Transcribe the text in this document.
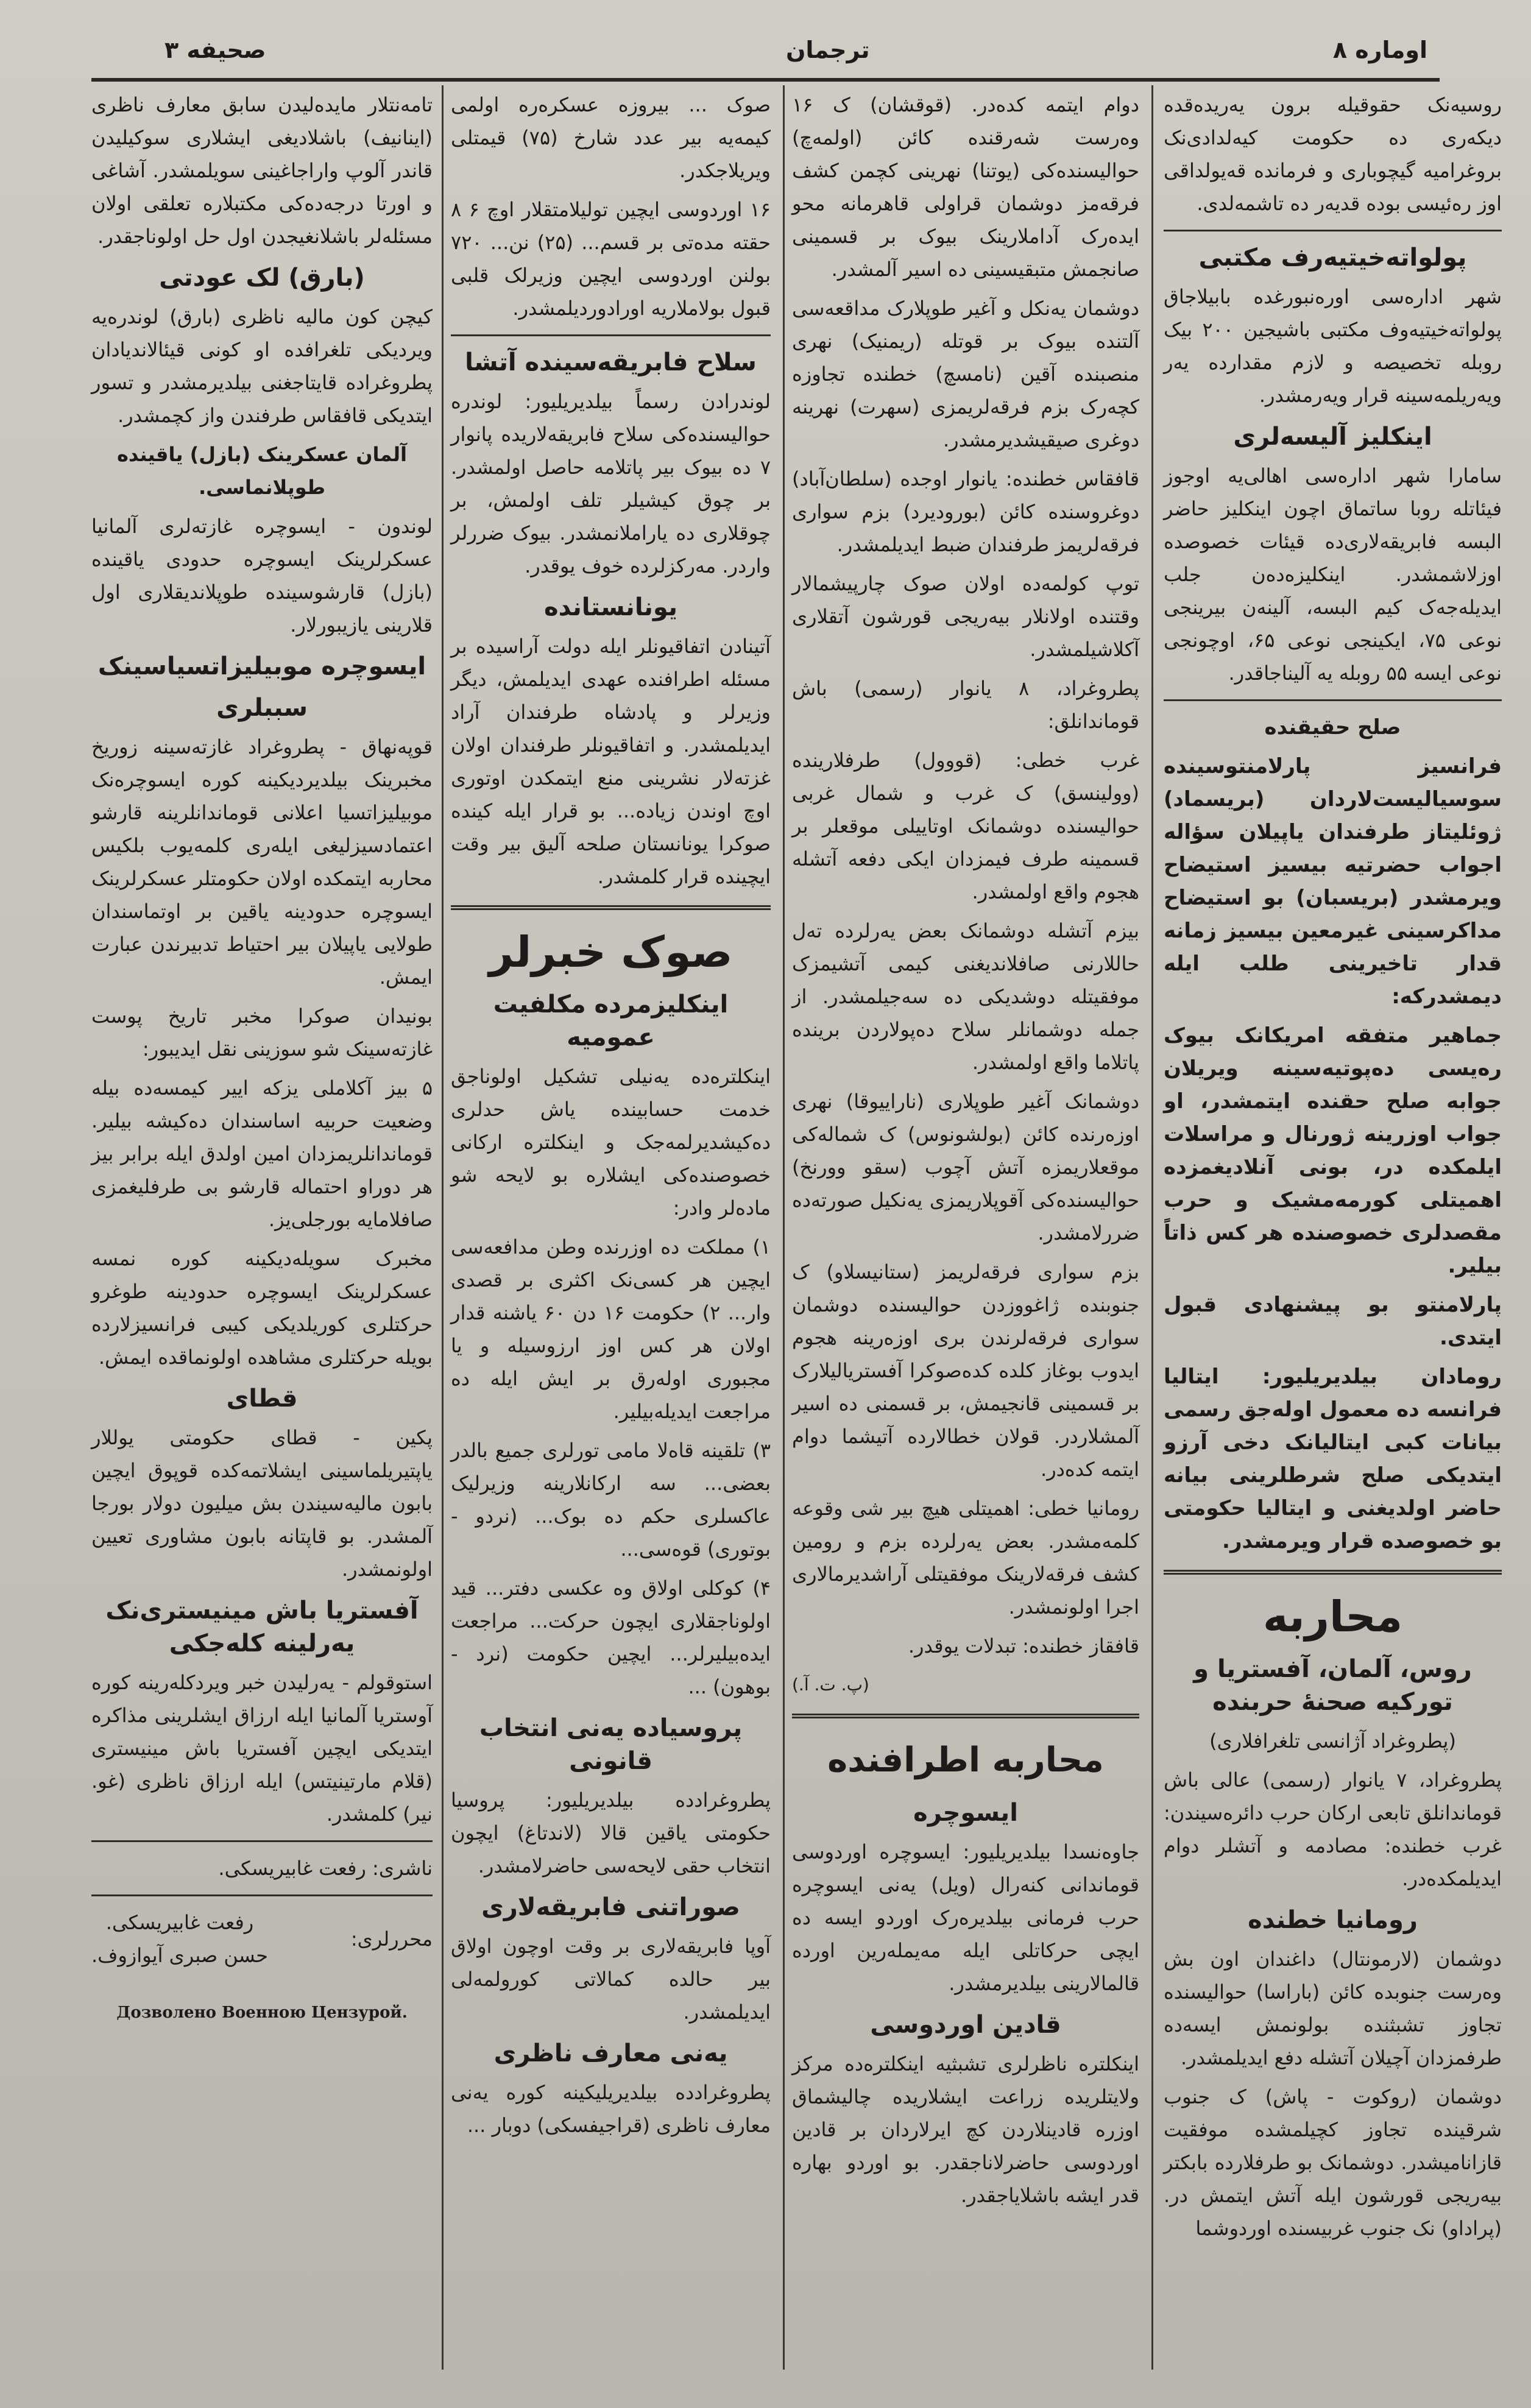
صحیفه ۳	ترجمان	اوماره ۸

روسیه‌نک حقوقیله برون یه‌ریده‌قده دیکه‌ری ده حکومت کیه‌لدادی‌نک بروغرامیه گیچوباری و فرمانده قه‌یولداقی اوز ره‌ئیسی بوده قدیه‌ر ده تاشمه‌لدی.

پولواته‌خیتیه‌رف مکتبی

شهر اداره‌سی اوره‌نبورغده بابیلاجاق پولواته‌خیتیه‌وف مکتبی باشیجین ۲۰۰ بیک روبله تخصیصه و لازم مقدارده یه‌ر ویه‌ریلمه‌سینه قرار ویه‌رمشدر.

اینکلیز آلیسه‌لری

سامارا شهر اداره‌سی اهالی‌یه اوجوز فیئاتله روبا ساتماق اچون اینکلیز حاضر البسه فابریقه‌لاری‌ده قیئات خصوصده اوزلاشمشدر. اینکلیزه‌ده‌ن جلب ایدیله‌جه‌ک کیم البسه، آلینه‌ن بیرینجی نوعی ۷۵، ایکینجی نوعی ۶۵، اوچونجی نوعی ایسه ۵۵ روبله یه آلیناجاقدر.

صلح حقیقنده

فرانسیز پارلامنتوسینده سوسیالیست‌لاردان (بریسماد) ژوئلیتاز طرفندان یاپیلان سؤاله اجواب حضرتیه بیسیز استیضاح ویرمشدر (بریسبان) بو استیضاح مداکرسینی غیرمعین بیسیز زمانه قدار تاخیرینی طلب ایله دیمشدرکه:

جماهیر متفقه امریکانک بیوک ره‌یسی ده‌پوتیه‌سینه ویریلان جوابه صلح حقنده ایتمشدر، او جواب اوزرینه ژورنال و مراسلات ایلمکده در، بونی آنلادیغمز‌ده اهمیتلی کورمه‌مشیک و حرب مقصدلری خصوصنده هر کس ذاتاً بیلیر.

پارلامنتو بو پیشنهادی قبول ایتدی.

رومادان بیلدیریلیور: ایتالیا فرانسه ده معمول اوله‌جق رسمی بیانات کبی ایتالیانک دخی آرزو ایتدیکی صلح شرطلرینی بیانه حاضر اولدیغنی و ایتالیا حکومتی بو خصوصده قرار ویرمشدر.

محاربه
روس، آلمان، آفستریا و تورکیه صحنهٔ حربنده

(پطروغراد آژانسی تلغرافلاری)

پطروغراد، ۷ یانوار (رسمی) عالی باش قوماندانلق تابعی ارکان حرب دائره‌سیندن: غرب خطنده: مصادمه و آتشلر دوام ایدیلمکده‌در.

رومانیا خطنده

دوشمان (لارمونتال) داغندان اون بش وه‌رست جنوبده کائن (باراسا) حوالیسنده تجاوز تشبثنده بولونمش ایسه‌ده طرفمزدان آچیلان آتشله دفع ایدیلمشدر.

دوشمان (روکوت - پاش) ک جنوب شرقینده تجاوز کچیلمشده موفقیت قازانامیشدر. دوشمانک بو طرفلارده بابکتر بیه‌ریجی قورشون ایله آتش ایتمش در. (پراداو) نک جنوب غربیسنده اوردوشما

دوام ایتمه کده‌در. (قوقشان) ک ۱۶ وه‌رست شه‌رقنده کائن (اولمه‌چ) حوالیسنده‌کی (یوتنا) نهرینی کچمن کشف فرقه‌مز دوشمان قراولی قاهرمانه محو ایده‌رک آداملارینک بیوک بر قسمینی صانجمش متبقیسینی ده اسیر آلمشدر.

دوشمان یه‌نکل و آغیر طوپلارک مداقعه‌سی آلتنده بیوک بر قوتله (ریمنیک) نهری منصبنده آقین (نامسچ) خطنده تجاوزه کچه‌رک بزم فرقه‌لریمزی (سهرت) نهرینه دوغری صیقیشدیرمشدر.

قافقاس خطنده: یانوار اوجده (سلطان‌آباد) دوغروسنده کائن (بورودیرد) بزم سواری فرقه‌لریمز طرفندان ضبط ایدیلمشدر.

توپ کولمه‌ده اولان صوک چارپیشمالار وقتنده اولانلار بیه‌ریجی قورشون آتقلاری آکلاشیلمشدر.

پطروغراد، ۸ یانوار (رسمی) باش قوماندانلق:

غرب خطی: (قووول) طرفلارینده (وولینسق) ک غرب و شمال غربی حوالیسنده دوشمانک اوتاییلی موقعلر بر قسمینه طرف فیمزدان ایکی دفعه آتشله هجوم واقع اولمشدر.

بیزم آتشله دوشمانک بعض یه‌رلرده ته‌ل حاللارنی صافلاندیغنی کیمی آتشیمزک موفقیتله دوشدیکی ده سه‌جیلمشدر. از جمله دوشمانلر سلاح ده‌پولاردن برینده پاتلاما واقع اولمشدر.

دوشمانک آغیر طوپلاری (ناراییوقا) نهری اوزه‌رنده کائن (بولشونوس) ک شماله‌کی موقعلاریمزه آتش آچوب (سقو وورنخ) حوالیسنده‌کی آقوپلاریمزی یه‌نکیل صورته‌ده ضررلامشدر.

بزم سواری فرقه‌لریمز (ستانیسلاو) ک جنوبنده ژاغووزدن حوالیسنده دوشمان سواری فرقه‌لرندن بری اوزه‌رینه هجوم ایدوب بوغاز کلده کده‌صوکرا آفستریالیلارک بر قسمینی قانجیمش، بر قسمنی ده اسیر آلمشلاردر. قولان خطالارده آتیشما دوام ایتمه کده‌در.

رومانیا خطی: اهمیتلی هیچ بیر شی وقوعه کلمه‌مشدر. بعض یه‌رلرده بزم و رومین کشف فرقه‌لارینک موفقیتلی آراشدیرمالاری اجرا اولونمشدر.

قافقاز خطنده: تبدلات یوقدر.

(پ. ت. آ.)

محاربه اطرافنده
ایسوچره

جاوه‌نسدا بیلدیریلیور: ایسوچره اوردوسی قوماندانی کنه‌رال (ویل) یه‌نی ایسوچره حرب فرمانی بیلدیره‌رک اوردو ایسه ده ایچی حرکاتلی ایله مه‌یمله‌رین اورده قالمالارینی بیلدیرمشدر.

قادین اوردوسی

اینکلتره ناظرلری تشبثیه اینکلتره‌ده مرکز ولایتلریده زراعت ایشلاریده چالیشماق اوزره قادینلاردن کچ ایرلاردان بر قادین اوردوسی حاضرلاناجقدر. بو اوردو بهاره قدر ایشه باشلایاجقدر.

صوک ... بیروزه عسکره‌ره اولمی کیمه‌یه بیر عدد شارخ (۷۵) قیمتلی ویریلاجکدر.

۱۶ اوردوسی ایچین تولیلامتقلار اوچ ۶ ۸ حقته مده‌تی بر قسم... (۲۵) نن... ۷۲۰ بولنن اوردوسی ایچین وزیرلک قلبی قبول بولاملاریه اورادوردیلمشدر.

سلاح فابریقه‌سینده آتشا

لوندرادن رسماً بیلدیریلیور: لوندره حوالیسنده‌کی سلاح فابریقه‌لاریده پانوار ۷ ده بیوک بیر پاتلامه حاصل اولمشدر. بر چوق کیشیلر تلف اولمش، بر چوقلاری ده یاراملانمشدر. بیوک ضررلر واردر. مه‌رکزلرده خوف یوقدر.

یونانستانده

آتینادن اتفاقیونلر ایله دولت آراسیده بر مسئله اطرافنده عهدی ایدیلمش، دیگر وزیرلر و پادشاه طرفندان آراد ایدیلمشدر. و اتفاقیونلر طرفندان اولان غزته‌لار نشرینی منع ایتمکدن اوتوری اوچ اوندن زیاده... بو قرار ایله کینده صوکرا یونانستان صلحه آلیق بیر وقت ایچینده قرار کلمشدر.

صوک خبرلر
اینکلیزمرده مکلفیت عمومیه

اینکلتره‌ده یه‌نیلی تشکیل اولوناجق خدمت حسابینده یاش حدلری ده‌کیشدیرلمه‌جک و اینکلتره ارکانی خصوصنده‌کی ایشلاره بو لایحه شو ماده‌لر وادر:

۱) مملکت ده اوزرنده وطن مدافعه‌سی ایچین هر کسی‌نک اکثری بر قصدی وار... ۲) حکومت ۱۶ دن ۶۰ یاشنه قدار اولان هر کس اوز ارزوسیله و یا مجبوری اوله‌رق بر ایش ایله ده مراجعت ایدیله‌بیلیر.

۳) تلقینه قاه‌لا مامی تورلری جمیع بالدر بعضی... سه ارکانلارینه وزیرلیک عاکسلری حکم ده بوک... (نردو - بوتوری) قوه‌سی...

۴) کوکلی اولاق وه عکسی دفتر... قید اولوناجقلاری ایچون حرکت... مراجعت ایده‌بیلیرلر... ایچین حکومت (نرد - بوهون) ...

پروسیاده یه‌نی انتخاب قانونی

پطروغرادده بیلدیریلیور: پروسیا حکومتی یاقین قالا (لاندتاغ) ایچون انتخاب حقی لایحه‌سی حاضرلامشدر.

صوراتنی فابریقه‌لاری

آوپا فابریقه‌لاری بر وقت اوچون اولاق بیر حالده کمالاتی کورولمه‌لی ایدیلمشدر.

یه‌نی معارف ناظری

پطروغرادده بیلدیریلیکینه کوره یه‌نی معارف ناظری (قراجیفسکی) دوبار ...

تامه‌نتلار مایده‌لیدن سابق معارف ناظری (اینانیف) باشلادیغی ایشلاری سوکیلیدن قاندر آلوپ واراجاغینی سویلمشدر. آشاغی و اورتا درجه‌ده‌کی مکتبلاره تعلقی اولان مسئله‌لر باشلانغیجدن اول حل اولوناجقدر.

(بارق) لک عودتی

کیچن کون مالیه ناظری (بارق) لوندره‌یه ویردیکی تلغرافده او کونی قیئالاندیادان پطروغراده قایتاجغنی بیلدیرمشدر و تسور ایتدیکی قافقاس طرفندن واز کچمشدر.

آلمان عسکرینک (بازل) یاقینده طوپلانماسی.

لوندون - ایسوچره غازته‌لری آلمانیا عسکرلرینک ایسوچره حدودی یاقینده (بازل) قارشوسینده طوپلاندیقلاری اول قلارینی یازیبورلار.

ایسوچره موبیلیزاتسیاسینک
سببلری

قوپه‌نهاق - پطروغراد غازته‌سینه زوریخ مخبرینک بیلدیردیکینه کوره ایسوچره‌نک موبیلیزاتسیا اعلانی قوماندانلرینه قارشو اعتمادسیزلیغی ایله‌ری کلمه‌یوب بلکیس محاربه ایتمکده اولان حکومتلر عسکرلرینک ایسوچره حدودینه یاقین بر اوتماسندان طولایی یاپیلان بیر احتیاط تدبیرندن عبارت ایمش.

بونیدان صوکرا مخبر تاریخ پوست غازته‌سینک شو سوزینی نقل ایدیبور:

۵ بیز آکلاملی یزکه اییر کیمسه‌ده بیله وضعیت حربیه اساسندان ده‌کیشه بیلیر. قوماندانلریمزدان امین اولدق ایله برابر بیز هر دوراو احتماله قارشو بی طرفلیغمزی صافلامایه بورجلی‌یز.

مخبرک سویله‌دیکینه کوره نمسه عسکرلرینک ایسوچره حدودینه طوغرو حرکتلری کوریلدیکی کیبی فرانسیزلارده بویله حرکتلری مشاهده اولونماقده ایمش.

قطای

پکین - قطای حکومتی یوللار یاپتیریلماسینی ایشلاتمه‌کده قوپوق ایچین بابون مالیه‌سیندن بش میلیون دولار بورجا آلمشدر. بو قاپتانه بابون مشاوری تعیین اولونمشدر.

آفستریا باش مینیستری‌نک یه‌رلینه کله‌جکی

استوقولم - یه‌رلیدن خبر ویردکله‌رینه کوره آوستریا آلمانیا ایله ارزاق ایشلرینی مذاکره ایتدیکی ایچین آفستریا باش مینیستری (قلام مارتینیتس) ایله ارزاق ناظری (غو. نیر) کلمشدر.

ناشری: رفعت غابیریسکی.

محررلری:
رفعت غابیریسکی.
حسن صبری آیوازوف.
Дозволено Военною Цензурой.
